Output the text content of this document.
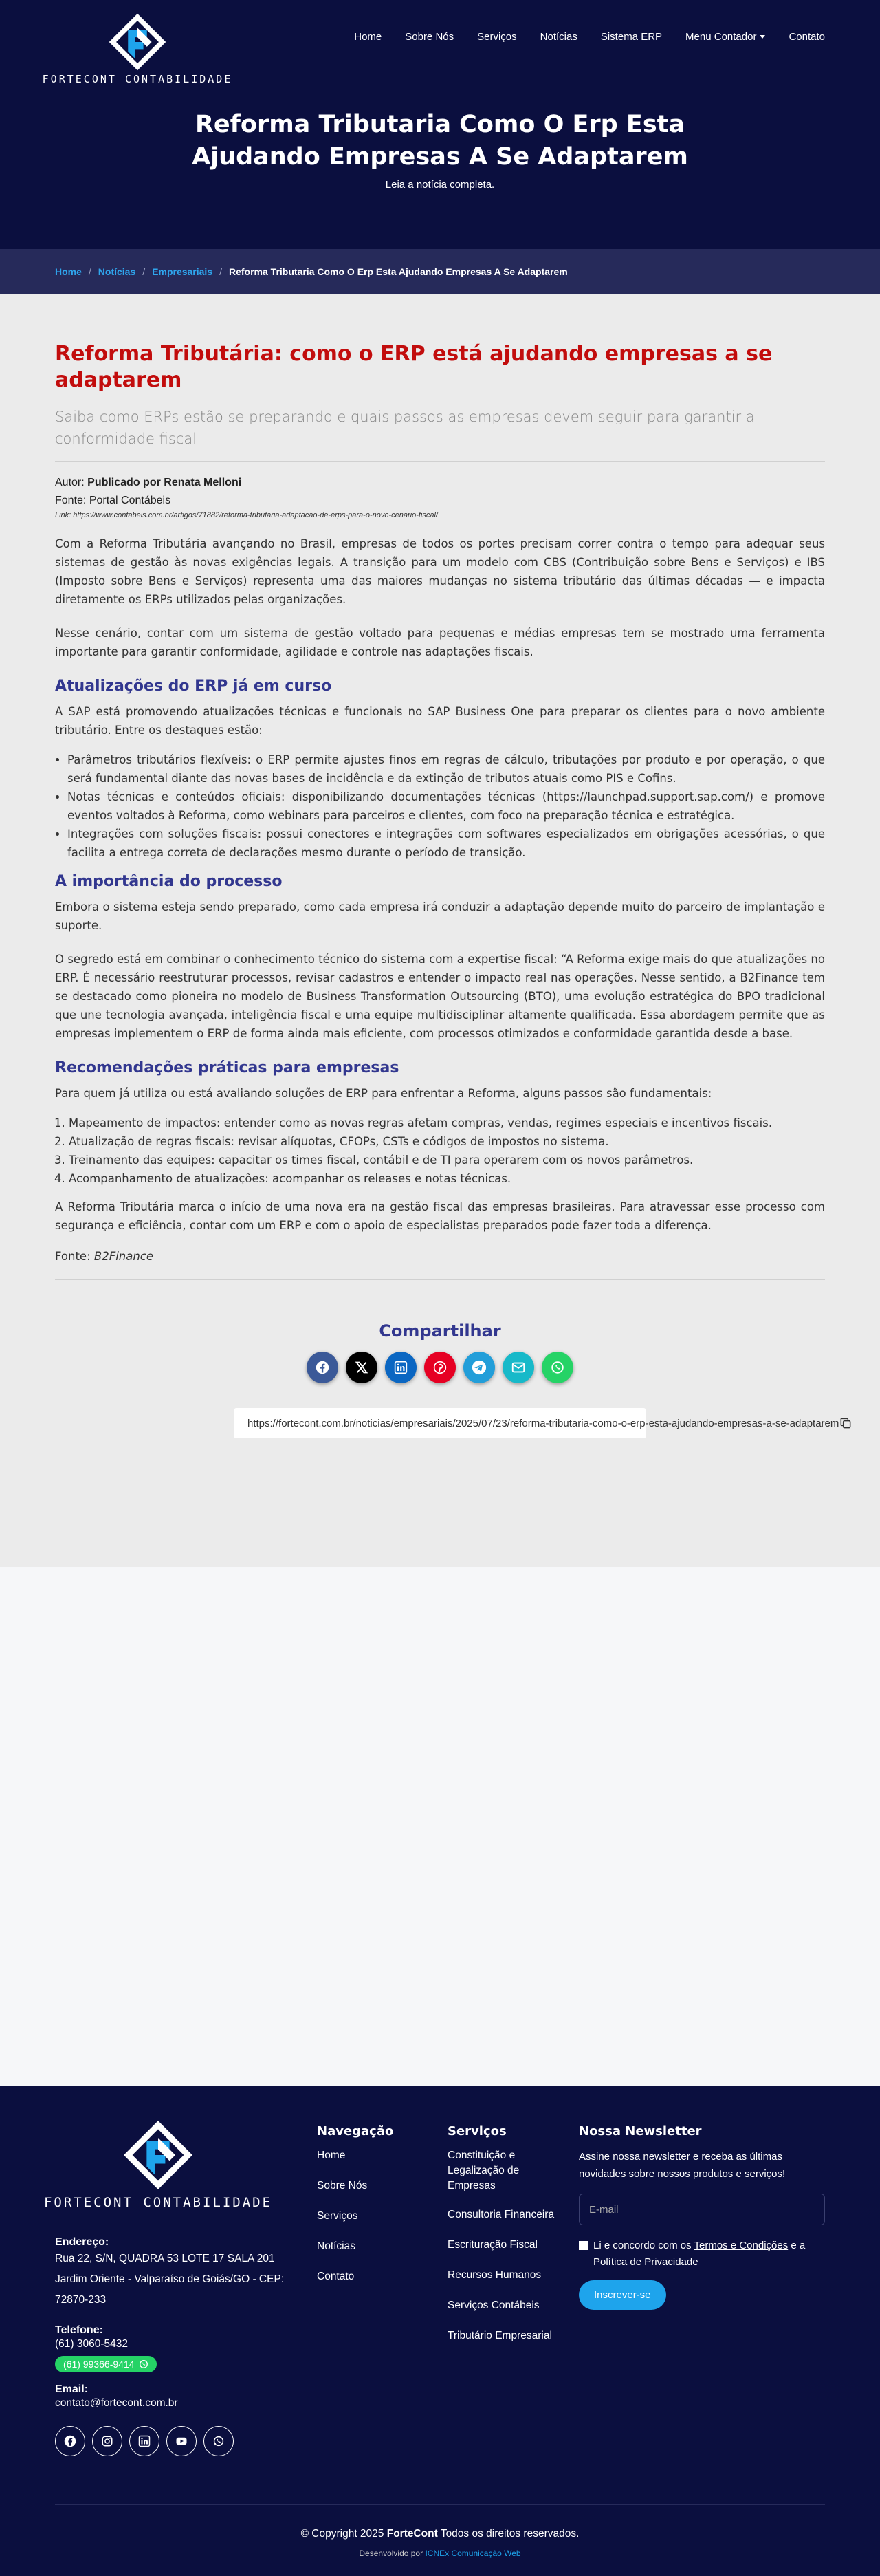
FORTECONT CONTABILIDADE
Home Sobre Nós Serviços Notícias Sistema ERP Menu Contador	Contato
Reforma Tributaria Como O Erp Esta
Ajudando Empresas A Se Adaptarem
Leia a notícia completa.
Home / Notícias / Empresariais / Reforma Tributaria Como O Erp Esta Ajudando Empresas A Se Adaptarem
Reforma Tributária: como o ERP está ajudando empresas a se adaptarem

Saiba como ERPs estão se preparando e quais passos as empresas devem seguir para garantir a conformidade fiscal

Autor: Publicado por Renata Melloni
Fonte: Portal Contábeis
Link: https://www.contabeis.com.br/artigos/71882/reforma-tributaria-adaptacao-de-erps-para-o-novo-cenario-fiscal/

Com a Reforma Tributária avançando no Brasil, empresas de todos os portes precisam correr contra o tempo para adequar seus sistemas de gestão às novas exigências legais. A transição para um modelo com CBS (Contribuição sobre Bens e Serviços) e IBS (Imposto sobre Bens e Serviços) representa uma das maiores mudanças no sistema tributário das últimas décadas — e impacta diretamente os ERPs utilizados pelas organizações.

Nesse cenário, contar com um sistema de gestão voltado para pequenas e médias empresas tem se mostrado uma ferramenta importante para garantir conformidade, agilidade e controle nas adaptações fiscais.

Atualizações do ERP já em curso

A SAP está promovendo atualizações técnicas e funcionais no SAP Business One para preparar os clientes para o novo ambiente tributário. Entre os destaques estão:

• Parâmetros tributários flexíveis: o ERP permite ajustes finos em regras de cálculo, tributações por produto e por operação, o que será fundamental diante das novas bases de incidência e da extinção de tributos atuais como PIS e Cofins.
• Notas técnicas e conteúdos oficiais: disponibilizando documentações técnicas (https://launchpad.support.sap.com/) e promove eventos voltados à Reforma, como webinars para parceiros e clientes, com foco na preparação técnica e estratégica.
• Integrações com soluções fiscais: possui conectores e integrações com softwares especializados em obrigações acessórias, o que facilita a entrega correta de declarações mesmo durante o período de transição.
A importância do processo

Embora o sistema esteja sendo preparado, como cada empresa irá conduzir a adaptação depende muito do parceiro de implantação e suporte.

O segredo está em combinar o conhecimento técnico do sistema com a expertise fiscal: “A Reforma exige mais do que atualizações no ERP. É necessário reestruturar processos, revisar cadastros e entender o impacto real nas operações. Nesse sentido, a B2Finance tem se destacado como pioneira no modelo de Business Transformation Outsourcing (BTO), uma evolução estratégica do BPO tradicional que une tecnologia avançada, inteligência fiscal e uma equipe multidisciplinar altamente qualificada. Essa abordagem permite que as empresas implementem o ERP de forma ainda mais eficiente, com processos otimizados e conformidade garantida desde a base.

Recomendações práticas para empresas

Para quem já utiliza ou está avaliando soluções de ERP para enfrentar a Reforma, alguns passos são fundamentais:

1. Mapeamento de impactos: entender como as novas regras afetam compras, vendas, regimes especiais e incentivos fiscais.
2. Atualização de regras fiscais: revisar alíquotas, CFOPs, CSTs e códigos de impostos no sistema.
3. Treinamento das equipes: capacitar os times fiscal, contábil e de TI para operarem com os novos parâmetros.
4. Acompanhamento de atualizações: acompanhar os releases e notas técnicas.

A Reforma Tributária marca o início de uma nova era na gestão fiscal das empresas brasileiras. Para atravessar esse processo com segurança e eficiência, contar com um ERP e com o apoio de especialistas preparados pode fazer toda a diferença.

Fonte: B2Finance

Compartilhar
https://fortecont.com.br/noticias/empresariais/2025/07/23/reforma-tributaria-como-o-erp-esta-ajudando-empresas-a-se-adaptarem
FORTECONT CONTABILIDADE
Endereço:
Rua 22, S/N, QUADRA 53 LOTE 17 SALA 201
Jardim Oriente - Valparaíso de Goiás/GO - CEP:
72870-233
Telefone:
(61) 3060-5432
(61) 99366-9414
Email:
contato@fortecont.com.br
Navegação
Home
Sobre Nós
Serviços
Notícias
Contato
Serviços
Constituição e Legalização de Empresas
Consultoria Financeira
Escrituração Fiscal
Recursos Humanos
Serviços Contábeis
Tributário Empresarial
Nossa Newsletter
Assine nossa newsletter e receba as últimas novidades sobre nossos produtos e serviços!
E-mail
Li e concordo com os Termos e Condições e a
Política de Privacidade
Inscrever-se
© Copyright 2025 ForteCont Todos os direitos reservados.
Desenvolvido por ICNEx Comunicação Web
